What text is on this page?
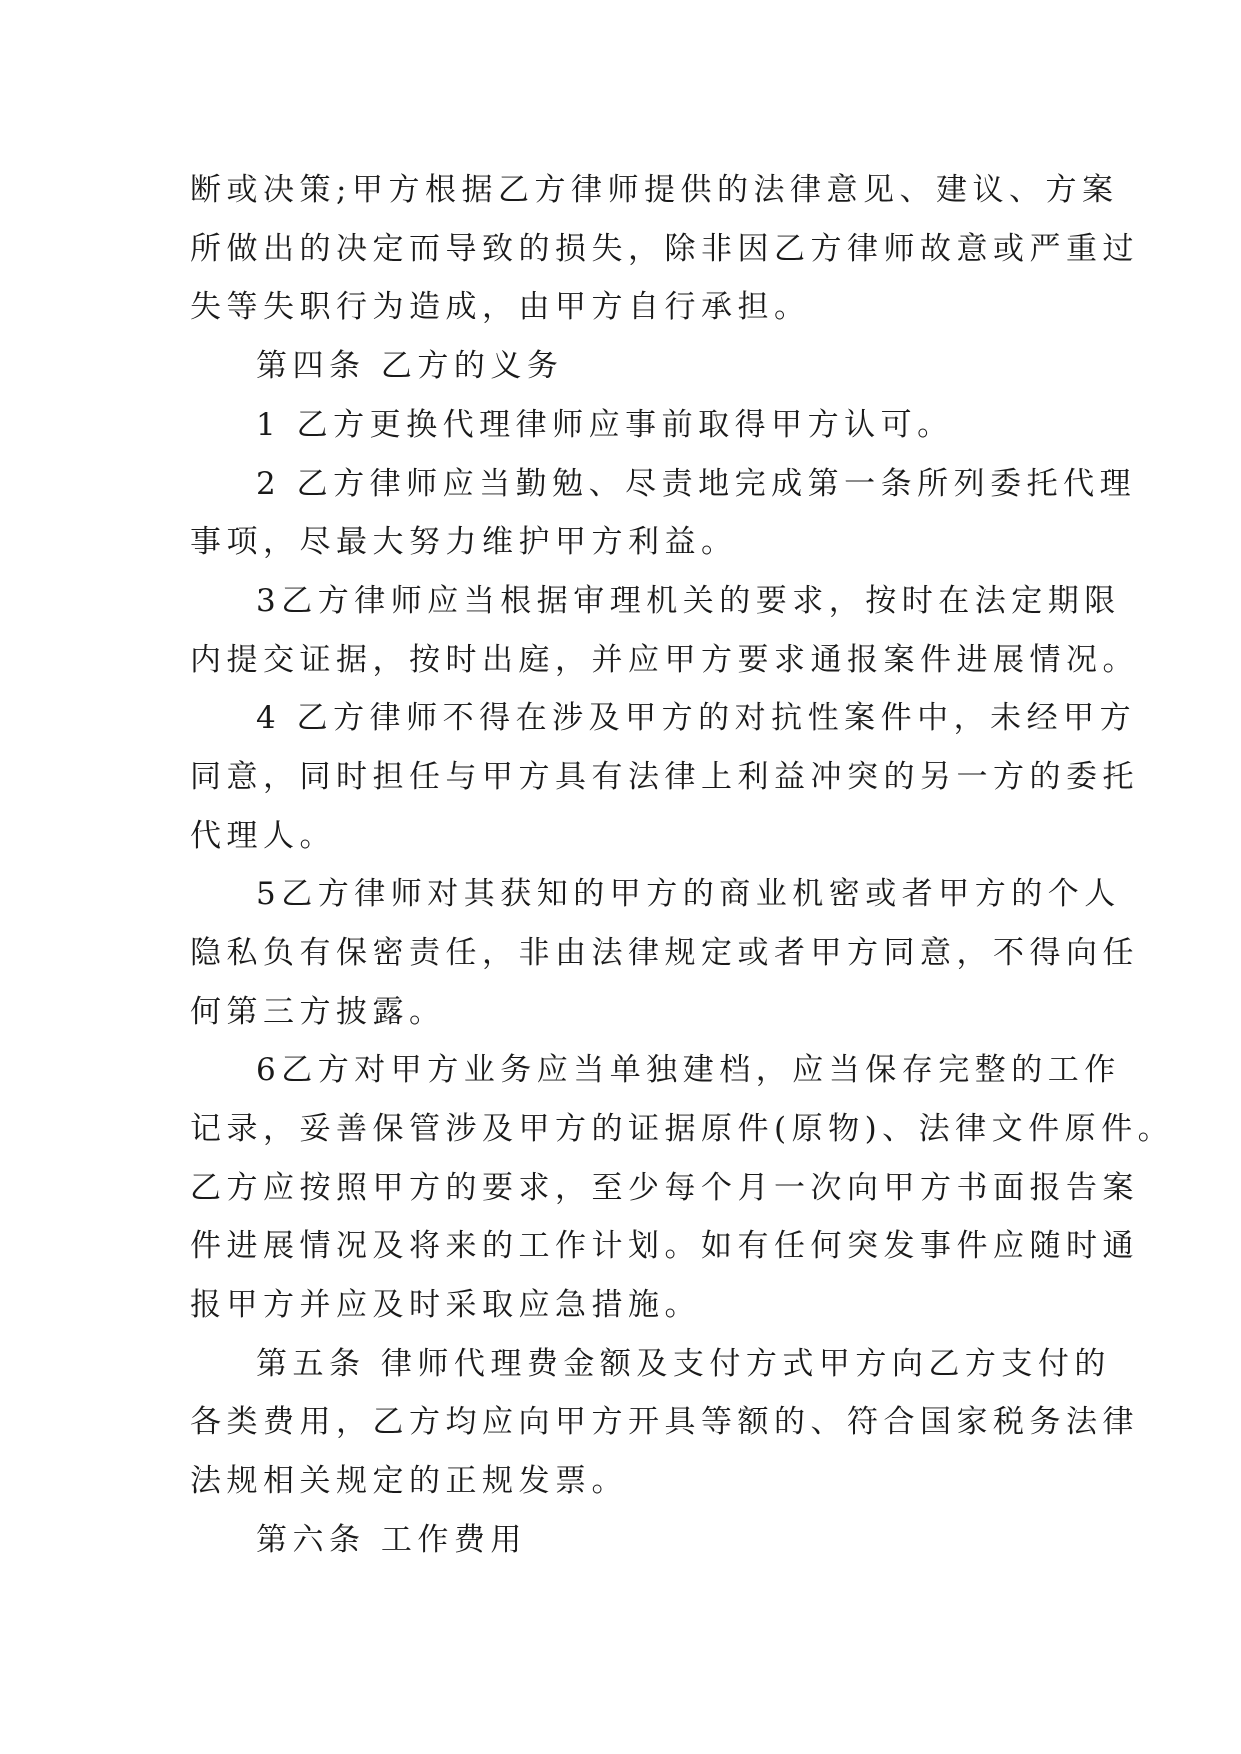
断或决策;甲方根据乙方律师提供的法律意见、建议、方案

所做出的决定而导致的损失，除非因乙方律师故意或严重过

失等失职行为造成，由甲方自行承担。

第四条 乙方的义务

1 乙方更换代理律师应事前取得甲方认可。

2 乙方律师应当勤勉、尽责地完成第一条所列委托代理

事项，尽最大努力维护甲方利益。

3乙方律师应当根据审理机关的要求，按时在法定期限

内提交证据，按时出庭，并应甲方要求通报案件进展情况。

4 乙方律师不得在涉及甲方的对抗性案件中，未经甲方

同意，同时担任与甲方具有法律上利益冲突的另一方的委托

代理人。

5乙方律师对其获知的甲方的商业机密或者甲方的个人

隐私负有保密责任，非由法律规定或者甲方同意，不得向任

何第三方披露。

6乙方对甲方业务应当单独建档，应当保存完整的工作

记录，妥善保管涉及甲方的证据原件(原物)、法律文件原件。

乙方应按照甲方的要求，至少每个月一次向甲方书面报告案

件进展情况及将来的工作计划。如有任何突发事件应随时通

报甲方并应及时采取应急措施。

第五条 律师代理费金额及支付方式甲方向乙方支付的

各类费用，乙方均应向甲方开具等额的、符合国家税务法律

法规相关规定的正规发票。

第六条 工作费用
